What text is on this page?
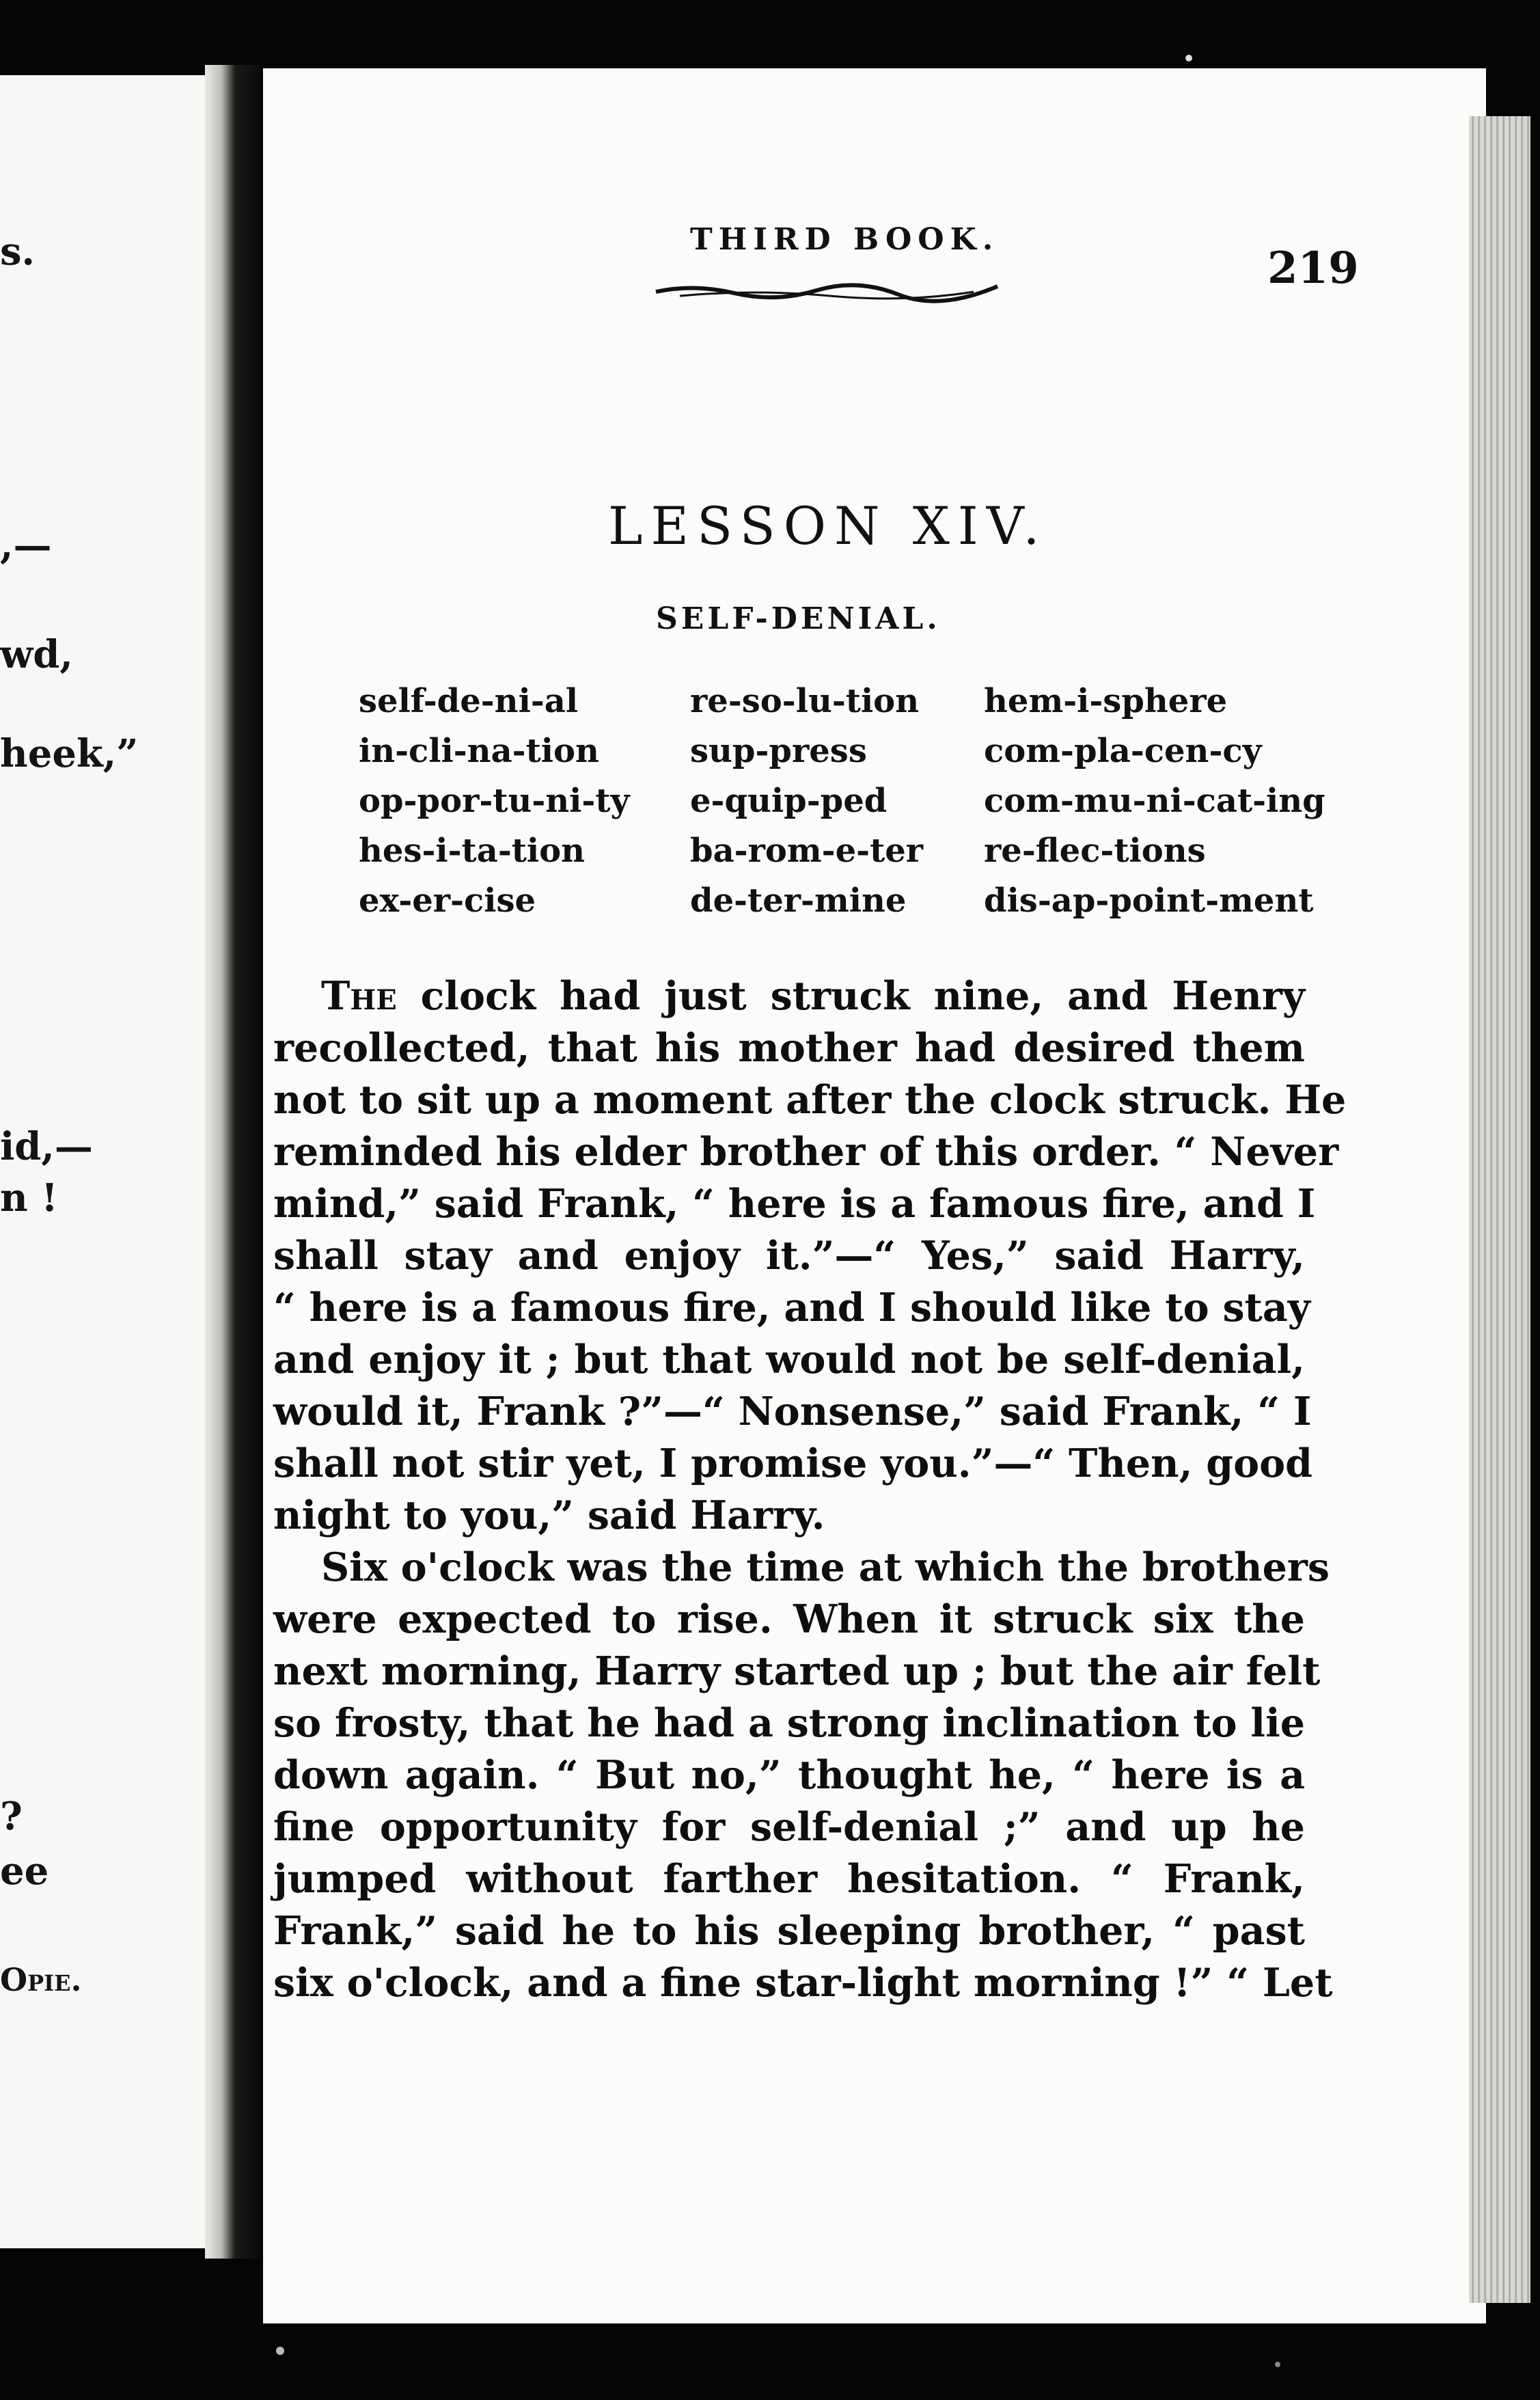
s.
,—
wd,
heek,”
id,—
n !
?
ee
Opie.
THIRD BOOK.
219
LESSON XIV.
SELF-DENIAL.
self-de-ni-al
in-cli-na-tion
op-por-tu-ni-ty
hes-i-ta-tion
ex-er-cise
re-so-lu-tion
sup-press
e-quip-ped
ba-rom-e-ter
de-ter-mine
hem-i-sphere
com-pla-cen-cy
com-mu-ni-cat-ing
re-flec-tions
dis-ap-point-ment
The clock had just struck nine, and Henry
recollected, that his mother had desired them
not to sit up a moment after the clock struck. He
reminded his elder brother of this order. “ Never
mind,” said Frank, “ here is a famous fire, and I
shall stay and enjoy it.”—“ Yes,” said Harry,
“ here is a famous fire, and I should like to stay
and enjoy it ; but that would not be self-denial,
would it, Frank ?”—“ Nonsense,” said Frank, “ I
shall not stir yet, I promise you.”—“ Then, good
night to you,” said Harry.
Six o'clock was the time at which the brothers
were expected to rise. When it struck six the
next morning, Harry started up ; but the air felt
so frosty, that he had a strong inclination to lie
down again. “ But no,” thought he, “ here is a
fine opportunity for self-denial ;” and up he
jumped without farther hesitation. “ Frank,
Frank,” said he to his sleeping brother, “ past
six o'clock, and a fine star-light morning !” “ Let
